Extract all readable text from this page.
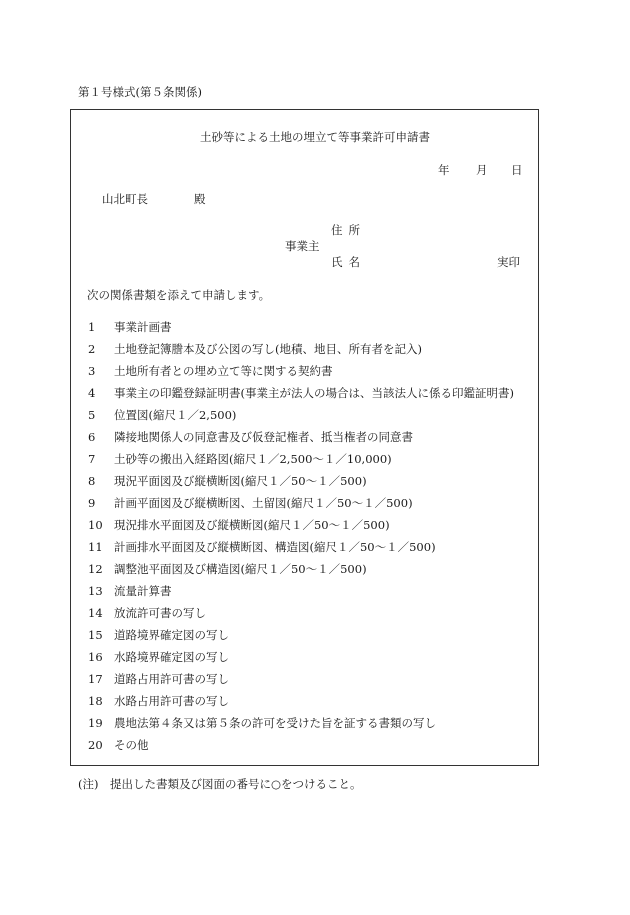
第１号様式(第５条関係)
土砂等による土地の埋立て等事業許可申請書
年 月 日
山北町長	殿
住所
事業主
氏名	実印
次の関係書類を添えて申請します。
1 事業計画書
2 土地登記簿謄本及び公図の写し(地積、地目、所有者を記入)
3 土地所有者との埋め立て等に関する契約書
4 事業主の印鑑登録証明書(事業主が法人の場合は、当該法人に係る印鑑証明書)
5 位置図(縮尺１／2,500)
6 隣接地関係人の同意書及び仮登記権者、抵当権者の同意書
7 土砂等の搬出入経路図(縮尺１／2,500～１／10,000)
8 現況平面図及び縦横断図(縮尺１／50～１／500)
9 計画平面図及び縦横断図、土留図(縮尺１／50～１／500)
10 現況排水平面図及び縦横断図(縮尺１／50～１／500)
11 計画排水平面図及び縦横断図、構造図(縮尺１／50～１／500)
12 調整池平面図及び構造図(縮尺１／50～１／500)
13 流量計算書
14 放流許可書の写し
15 道路境界確定図の写し
16 水路境界確定図の写し
17 道路占用許可書の写し
18 水路占用許可書の写し
19 農地法第４条又は第５条の許可を受けた旨を証する書類の写し
20 その他
(注)　提出した書類及び図面の番号に○をつけること。
